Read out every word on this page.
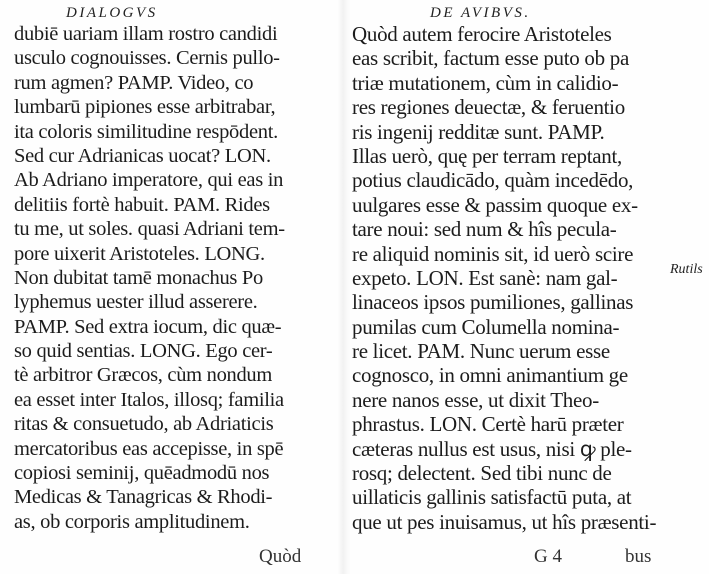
DIALOGVS
dubiē uariam illam rostro candidi
usculo cognouisses. Cernis pullo-
rum agmen? PAMP. Video, co
lumbarū pipiones esse arbitrabar,
ita coloris similitudine respōdent.
Sed cur Adrianicas uocat? LON.
Ab Adriano imperatore, qui eas in
delitiis fortè habuit. PAM. Rides
tu me, ut soles. quasi Adriani tem-
pore uixerit Aristoteles. LONG.
Non dubitat tamē monachus Po
lyphemus uester illud asserere.
PAMP. Sed extra iocum, dic quæ-
so quid sentias. LONG. Ego cer-
tè arbitror Græcos, cùm nondum
ea esset inter Italos, illosq; familia
ritas & consuetudo, ab Adriaticis
mercatoribus eas accepisse, in spē
copiosi seminij, quēadmodū nos
Medicas & Tanagricas & Rhodi-
as, ob corporis amplitudinem.
Quòd
DE AVIBVS.
Quòd autem ferocire Aristoteles
eas scribit, factum esse puto ob pa
triæ mutationem, cùm in calidio-
res regiones deuectæ, & feruentio
ris ingenij redditæ sunt. PAMP.
Illas uerò, quę per terram reptant,
potius claudicādo, quàm incedēdo,
uulgares esse & passim quoque ex-
tare noui: sed num & hîs pecula-
re aliquid nominis sit, id uerò scire
expeto. LON. Est sanè: nam gal-
linaceos ipsos pumiliones, gallinas
pumilas cum Columella nomina-
re licet. PAM. Nunc uerum esse
cognosco, in omni animantium ge
nere nanos esse, ut dixit Theo-
phrastus. LON. Certè harū præter
cæteras nullus est usus, nisi ꝙ ple-
rosq; delectent. Sed tibi nunc de
uillaticis gallinis satisfactū puta, at
que ut pes inuisamus, ut hîs præsenti-
G 4	bus
Rutils
